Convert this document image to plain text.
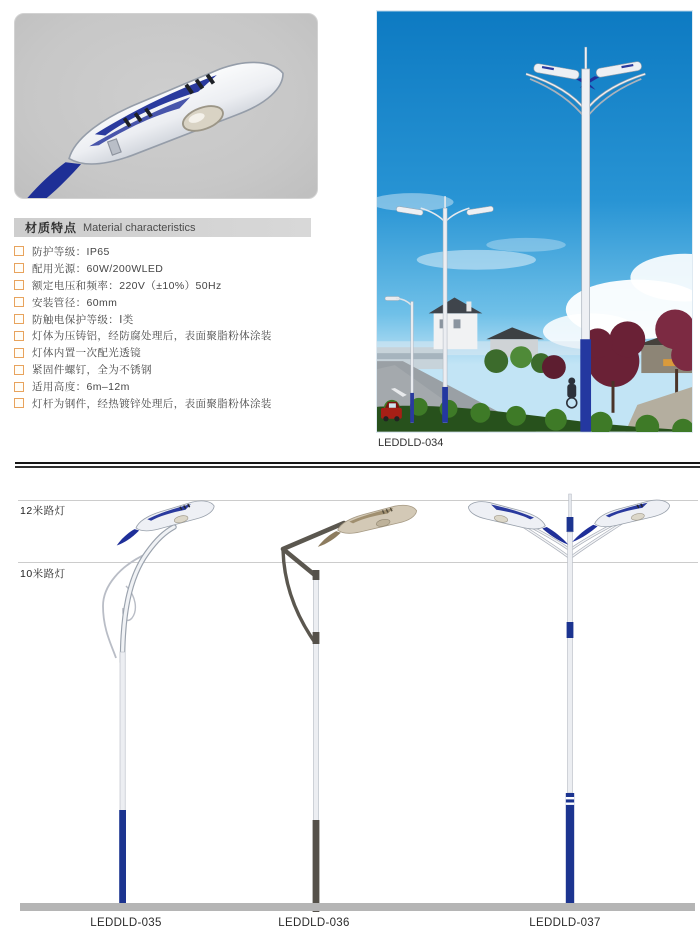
材质特点 Material characteristics
防护等级：IP65
配用光源：60W/200WLED
额定电压和频率：220V（±10%）50Hz
安装管径：60mm
防触电保护等级：Ⅰ类
灯体为压铸铝，经防腐处理后，表面聚脂粉体涂装
灯体内置一次配光透镜
紧固件螺钉，全为不锈钢
适用高度：6m–12m
灯杆为钢件，经热镀锌处理后，表面聚脂粉体涂装
LEDDLD-034
12米路灯
10米路灯
LEDDLD-035	LEDDLD-036	LEDDLD-037
